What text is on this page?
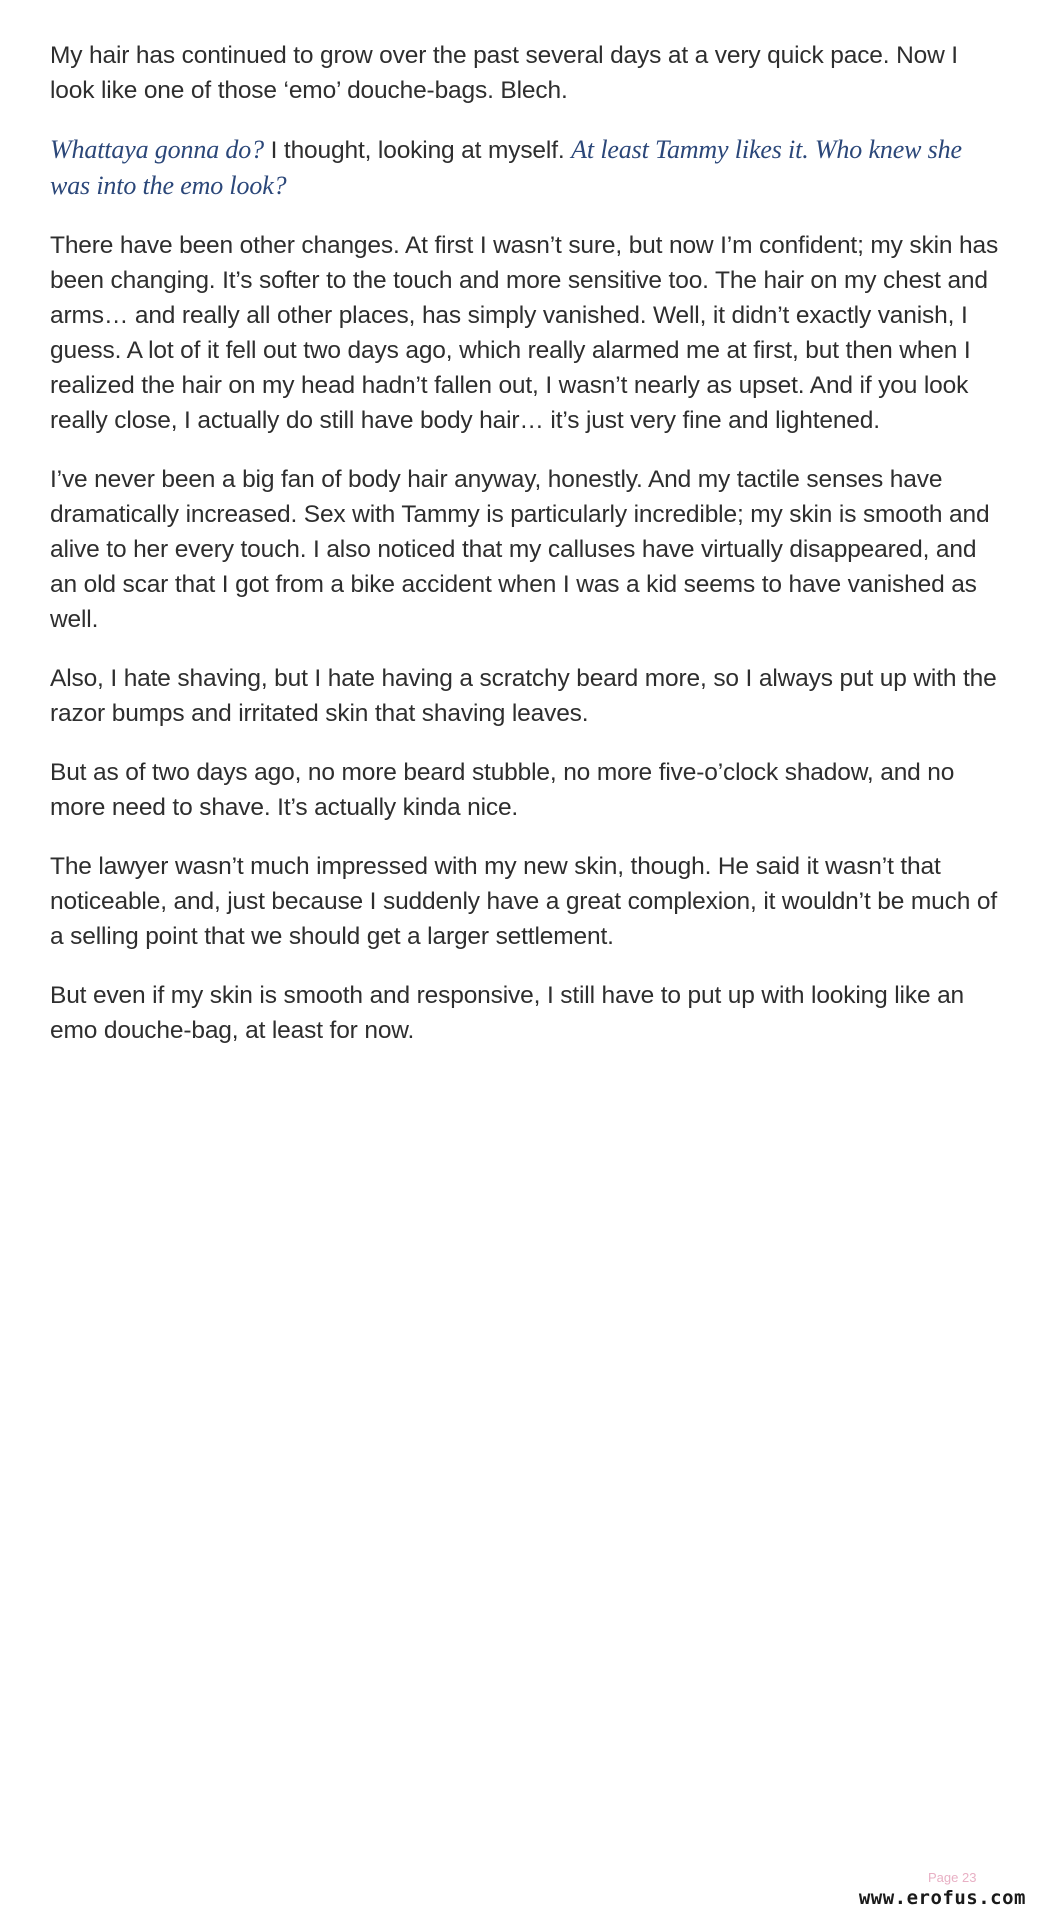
My hair has continued to grow over the past several days at a very quick pace. Now I look like one of those ‘emo’ douche-bags. Blech.

Whattaya gonna do? I thought, looking at myself. At least Tammy likes it. Who knew she was into the emo look?

There have been other changes. At first I wasn’t sure, but now I’m confident; my skin has been changing. It’s softer to the touch and more sensitive too. The hair on my chest and arms… and really all other places, has simply vanished. Well, it didn’t exactly vanish, I guess. A lot of it fell out two days ago, which really alarmed me at first, but then when I realized the hair on my head hadn’t fallen out, I wasn’t nearly as upset. And if you look really close, I actually do still have body hair… it’s just very fine and lightened.

I’ve never been a big fan of body hair anyway, honestly. And my tactile senses have dramatically increased. Sex with Tammy is particularly incredible; my skin is smooth and alive to her every touch. I also noticed that my calluses have virtually disappeared, and an old scar that I got from a bike accident when I was a kid seems to have vanished as well.

Also, I hate shaving, but I hate having a scratchy beard more, so I always put up with the razor bumps and irritated skin that shaving leaves.

But as of two days ago, no more beard stubble, no more five-o’clock shadow, and no more need to shave. It’s actually kinda nice.

The lawyer wasn’t much impressed with my new skin, though. He said it wasn’t that noticeable, and, just because I suddenly have a great complexion, it wouldn’t be much of a selling point that we should get a larger settlement.

But even if my skin is smooth and responsive, I still have to put up with looking like an emo douche-bag, at least for now.

Page 23
www.erofus.com
